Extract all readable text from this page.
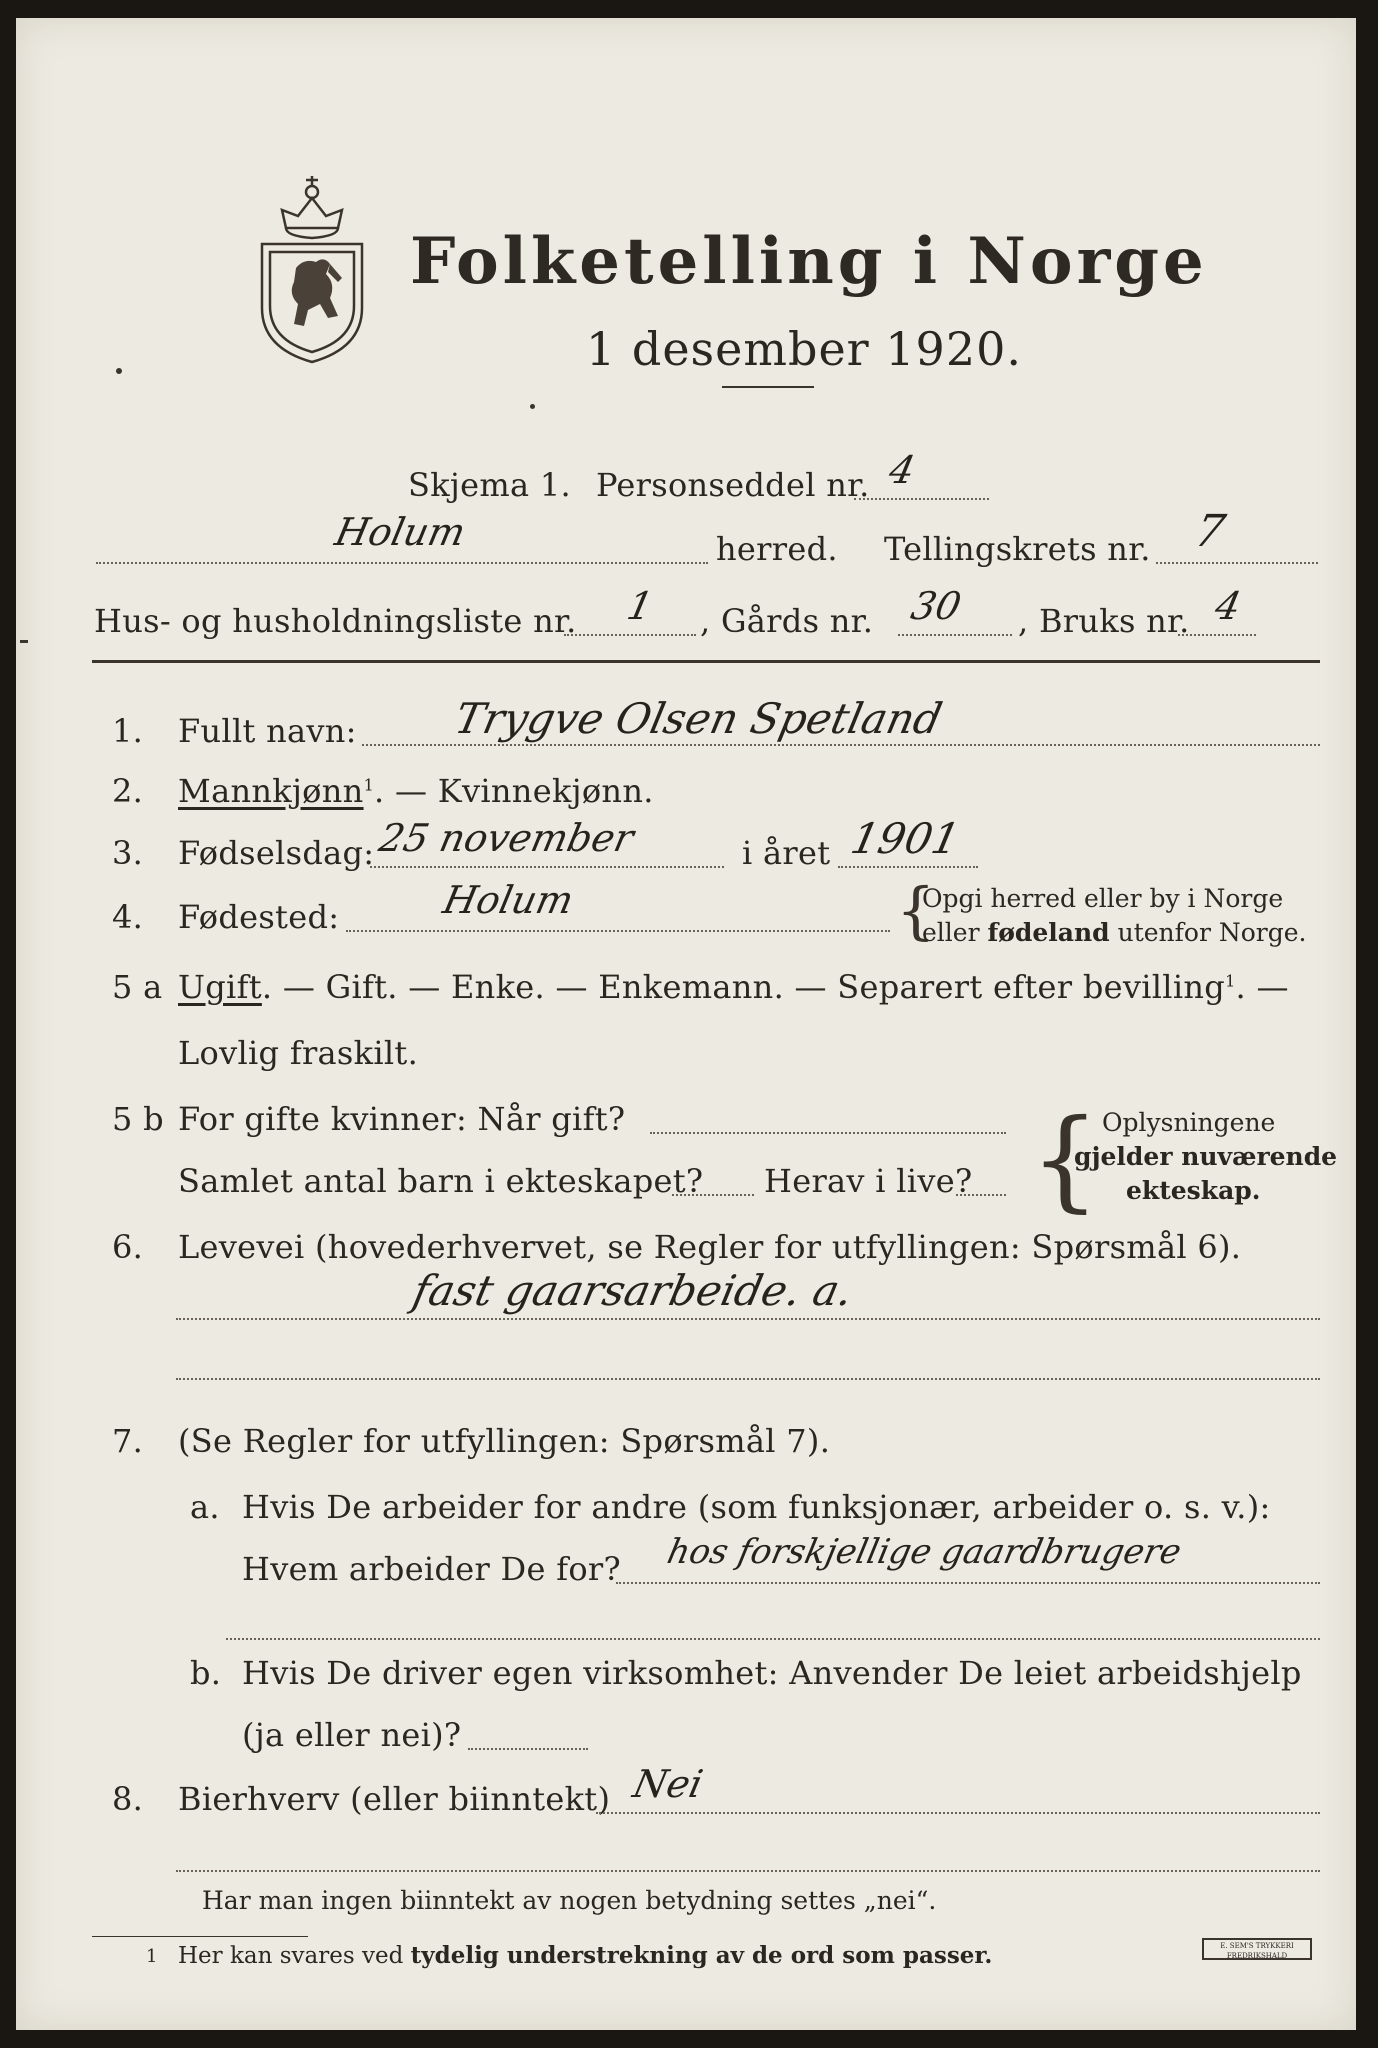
Folketelling i Norge
1 desember 1920.
Skjema 1. Personseddel nr. 4
Holum	herred. Tellingskrets nr. 7
Hus- og husholdningsliste nr. 1 , Gårds nr. 30 , Bruks nr. 4
1. Fullt navn: Trygve Olsen Spetland
2. Mannkjønn$^1$. — Kvinnekjønn.
3. Fødselsdag: 25 november	i året 1901
4. Fødested:	Holum	{
Opgi herred eller by i Norge
eller fødeland utenfor Norge.
5 a Ugift. — Gift. — Enke. — Enkemann. — Separert efter bevilling$^1$. —
Lovlig fraskilt.
5 b For gifte kvinner: Når gift?
Samlet antal barn i ekteskapet? Herav i live? { Oplysningene
gjelder nuværende
ekteskap.
6. Levevei (hovederhvervet, se Regler for utfyllingen: Spørsmål 6).
fast gaarsarbeide. a.
7. (Se Regler for utfyllingen: Spørsmål 7).
a. Hvis De arbeider for andre (som funksjonær, arbeider o. s. v.):
Hvem arbeider De for? hos forskjellige gaardbrugere
b. Hvis De driver egen virksomhet: Anvender De leiet arbeidshjelp
(ja eller nei)?
8. Bierhverv (eller biinntekt) Nei
Har man ingen biinntekt av nogen betydning settes „nei“.
1 Her kan svares ved tydelig understrekning av de ord som passer.	E. SEM'S TRYKKERI FREDRIKSHALD
